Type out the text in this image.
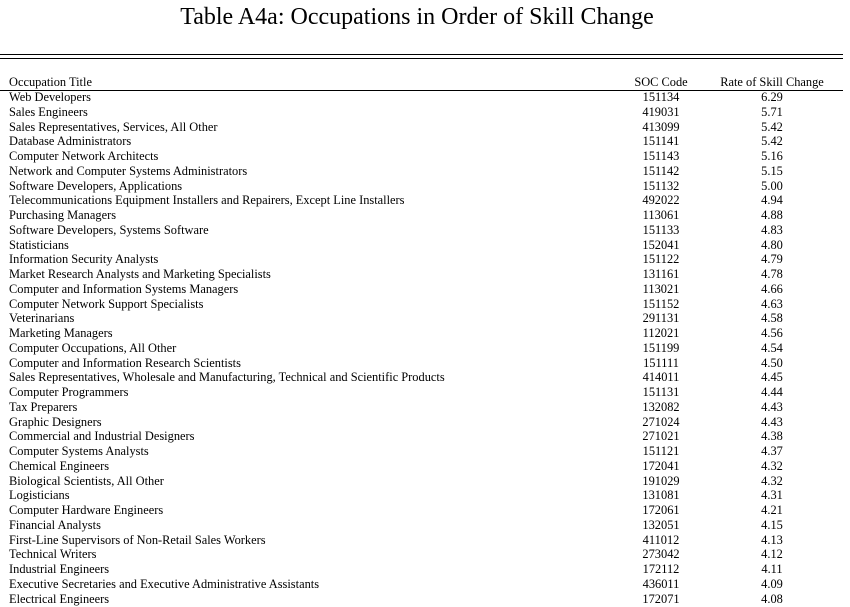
Table A4a: Occupations in Order of Skill Change
Occupation Title	SOC Code	Rate of Skill Change
Web Developers	151134	6.29
Sales Engineers	419031	5.71
Sales Representatives, Services, All Other	413099	5.42
Database Administrators	151141	5.42
Computer Network Architects	151143	5.16
Network and Computer Systems Administrators	151142	5.15
Software Developers, Applications	151132	5.00
Telecommunications Equipment Installers and Repairers, Except Line Installers	492022	4.94
Purchasing Managers	113061	4.88
Software Developers, Systems Software	151133	4.83
Statisticians	152041	4.80
Information Security Analysts	151122	4.79
Market Research Analysts and Marketing Specialists	131161	4.78
Computer and Information Systems Managers	113021	4.66
Computer Network Support Specialists	151152	4.63
Veterinarians	291131	4.58
Marketing Managers	112021	4.56
Computer Occupations, All Other	151199	4.54
Computer and Information Research Scientists	151111	4.50
Sales Representatives, Wholesale and Manufacturing, Technical and Scientific Products	414011	4.45
Computer Programmers	151131	4.44
Tax Preparers	132082	4.43
Graphic Designers	271024	4.43
Commercial and Industrial Designers	271021	4.38
Computer Systems Analysts	151121	4.37
Chemical Engineers	172041	4.32
Biological Scientists, All Other	191029	4.32
Logisticians	131081	4.31
Computer Hardware Engineers	172061	4.21
Financial Analysts	132051	4.15
First-Line Supervisors of Non-Retail Sales Workers	411012	4.13
Technical Writers	273042	4.12
Industrial Engineers	172112	4.11
Executive Secretaries and Executive Administrative Assistants	436011	4.09
Electrical Engineers	172071	4.08
